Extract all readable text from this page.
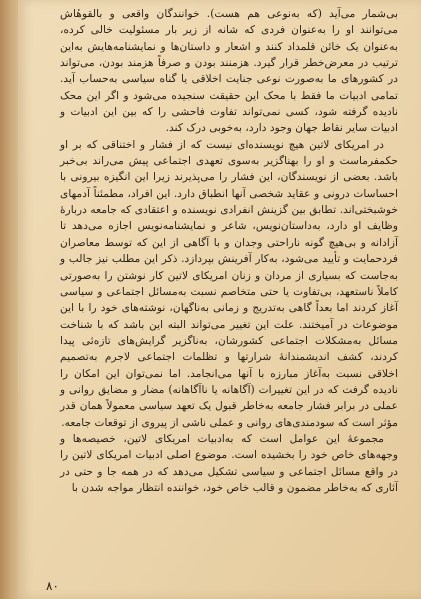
بی‌شمار می‌آید (که به‌نوعی هم هست). خوانندگان واقعی و بالقوهٔاش می‌توانند او را به‌عنوان فردی که شانه از زیر بار مسئولیت خالی کرده، به‌عنوان یک خائن قلمداد کنند و اشعار و داستان‌ها و نمایشنامه‌هایش به‌این ترتیب در معرض‌خطر قرار گیرد. هزمنند بودن و صرفاً هزمند بودن، می‌تواند در کشورهای ما به‌صورت نوعی جنایت اخلاقی یا گناه سیاسی به‌حساب آید. تمامی ادبیات ما فقط با محک این حقیقت سنجیده می‌شود و اگر این محک نادیده گرفته شود، کسی نمی‌تواند تفاوت فاحشی را که بین این ادبیات و ادبیات سایر نقاط جهان وجود دارد، به‌خوبی درک کند.

در امریکای لاتین هیچ نویسنده‌ای نیست که از فشار و اختناقی که بر او حکمفرماست و او را بهناگزیر به‌سوی تعهدی اجتماعی پیش می‌راند بی‌خبر باشد. بعضی از نویسندگان، این فشار را می‌پذیرند زیرا این انگیزه بیرونی با احساسات درونی و عقاید شخصی آنها انطباق دارد. این افراد، مطمئناً آدمهای خوشبختی‌اند. تطابق بین گزینش انفرادی نویسنده و اعتقادی که جامعه دربارهٔ وظایف او دارد، به‌داستان‌نویس، شاعر و نمایشنامه‌نویس اجازه می‌دهد تا آزادانه و بی‌هیچ گونه ناراحتی وجدان و با آگاهی از این که توسط معاصران فردحمایت و تأیید می‌شود، به‌کار آفرینش بپردازد. ذکر این مطلب نیز جالب و به‌جاست که بسیاری از مردان و زنان امریکای لاتین کار نوشتن را به‌صورتی کاملاً ناستعهد، بی‌تفاوت یا حتی متخاصم نسبت به‌مسائل اجتماعی و سیاسی آغاز کردند اما بعداً گاهی به‌تدریج و زمانی به‌ناگهان، نوشته‌های خود را با این موضوعات در آمیختند. علت این تغییر می‌تواند البته این باشد که با شناخت مسائل به‌مشکلات اجتماعی کشورشان، به‌ناگزیر گرایش‌های تازه‌ئی پیدا کردند، کشف اندیشمندانهٔ شرارتها و تظلمات اجتماعی لاجرم به‌تصمیم اخلاقی نسبت به‌آغاز مبارزه با آنها می‌انجامد. اما نمی‌توان این امکان را نادیده گرفت که در این تغییرات (آگاهانه یا ناآگاهانه) مضار و مضایق روانی و عملی در برابر فشار جامعه به‌خاطر قبول یک تعهد سیاسی معمولاً همان قدر مؤثر است که سودمندی‌های روانی و عملی ناشی از پیروی از توقعات جامعه.

مجموعهٔ این عوامل است که به‌ادبیات امریکای لاتین، خصیصه‌ها و وجهه‌های خاص خود را بخشیده است. موضوع اصلی ادبیات امریکای لاتین را در واقع مسائل اجتماعی و سیاسی تشکیل می‌دهد که در همه جا و حتی در آثاری که به‌خاطر مضمون و قالب خاص خود، خواننده انتظار مواجه شدن با

۸۰
